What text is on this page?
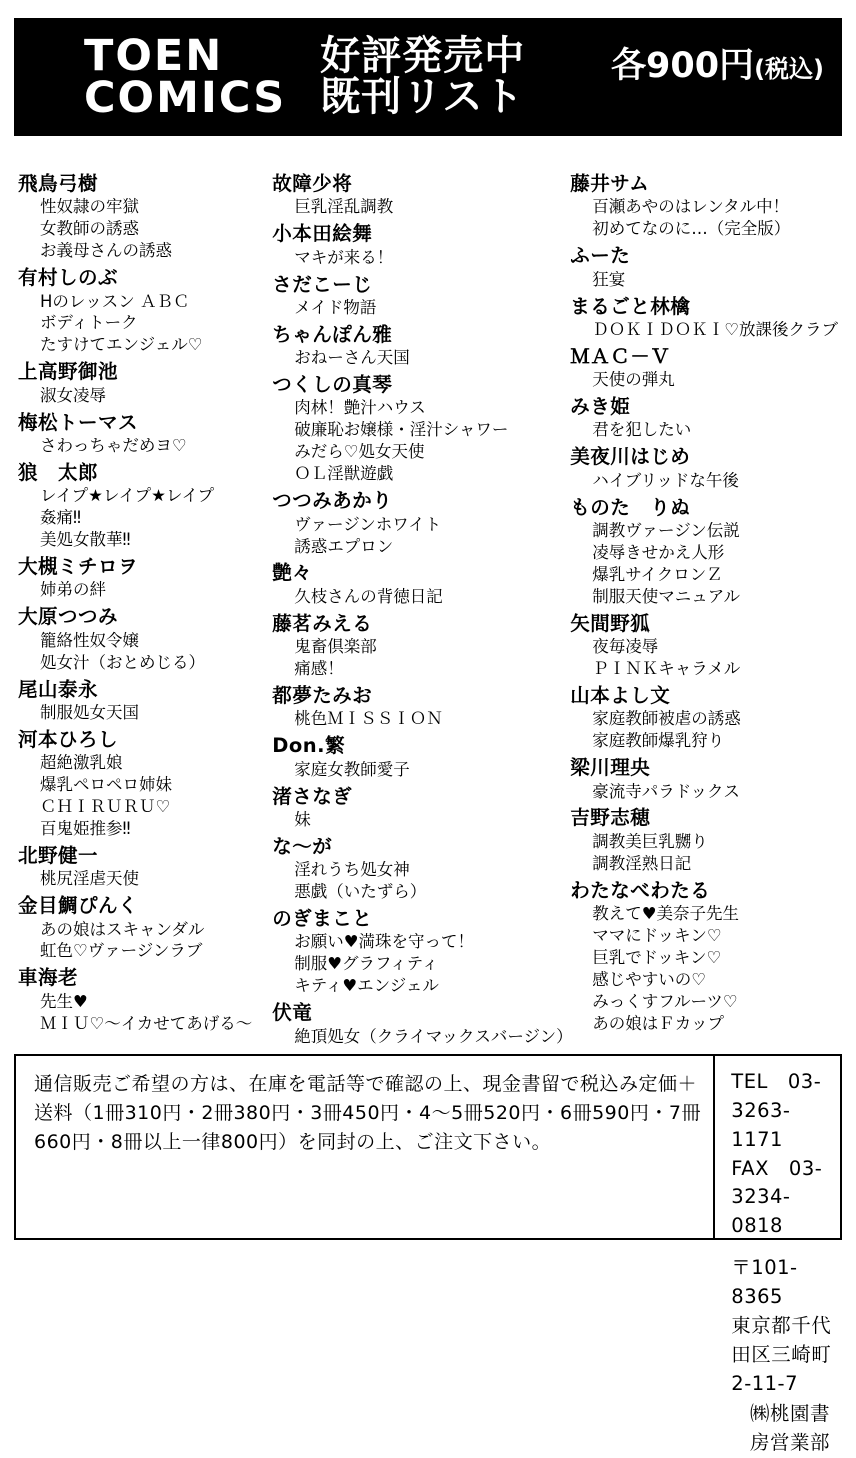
TOEN
COMICS
好評発売中
既刊リスト
各900円(税込)
飛鳥弓樹
性奴隷の牢獄
女教師の誘惑
お義母さんの誘惑
有村しのぶ
Hのレッスン ＡＢＣ
ボディトーク
たすけてエンジェル♡
上高野御池
淑女凌辱
梅松トーマス
さわっちゃだめヨ♡
狼　太郎
レイプ★レイプ★レイプ
姦痛‼
美処女散華‼
大槻ミチロヲ
姉弟の絆
大原つつみ
籠絡性奴令嬢
処女汁（おとめじる）
尾山泰永
制服処女天国
河本ひろし
超絶激乳娘
爆乳ペロペロ姉妹
ＣＨＩＲＵＲＵ♡
百鬼姫推参‼
北野健一
桃尻淫虐天使
金目鯛ぴんく
あの娘はスキャンダル
虹色♡ヴァージンラブ
車海老
先生♥
ＭＩＵ♡～イカせてあげる～
故障少将
巨乳淫乱調教
小本田絵舞
マキが来る！
さだこーじ
メイド物語
ちゃんぽん雅
おねーさん天国
つくしの真琴
肉林！艶汁ハウス
破廉恥お嬢様・淫汁シャワー
みだら♡処女天使
ＯＬ淫獣遊戯
つつみあかり
ヴァージンホワイト
誘惑エプロン
艶々
久枝さんの背徳日記
藤茗みえる
鬼畜倶楽部
痛感！
都夢たみお
桃色ＭＩＳＳＩＯＮ
Don.繁
家庭女教師愛子
渚さなぎ
妹
な～が
淫れうち処女神
悪戯（いたずら）
のぎまこと
お願い♥満珠を守って！
制服♥グラフィティ
キティ♥エンジェル
伏竜
絶頂処女（クライマックスバージン）
藤井サム
百瀬あやのはレンタル中！
初めてなのに…（完全版）
ふーた
狂宴
まるごと林檎
ＤＯＫＩＤＯＫＩ♡放課後クラブ
ＭＡＣ－Ｖ
天使の弾丸
みき姫
君を犯したい
美夜川はじめ
ハイブリッドな午後
ものた　りぬ
調教ヴァージン伝説
凌辱きせかえ人形
爆乳サイクロンＺ
制服天使マニュアル
矢間野狐
夜毎凌辱
ＰＩＮＫキャラメル
山本よし文
家庭教師被虐の誘惑
家庭教師爆乳狩り
梁川理央
豪流寺パラドックス
吉野志穂
調教美巨乳嬲り
調教淫熟日記
わたなべわたる
教えて♥美奈子先生
ママにドッキン♡
巨乳でドッキン♡
感じやすいの♡
みっくすフルーツ♡
あの娘はＦカップ
通信販売ご希望の方は、在庫を電話等で確認の上、現金書留で税込み定価＋送料（1冊310円・2冊380円・3冊450円・4～5冊520円・6冊590円・7冊660円・8冊以上一律800円）を同封の上、ご注文下さい。
TEL　03-3263-1171
FAX　03-3234-0818
〒101-8365
東京都千代田区三崎町2-11-7
㈱桃園書房営業部
